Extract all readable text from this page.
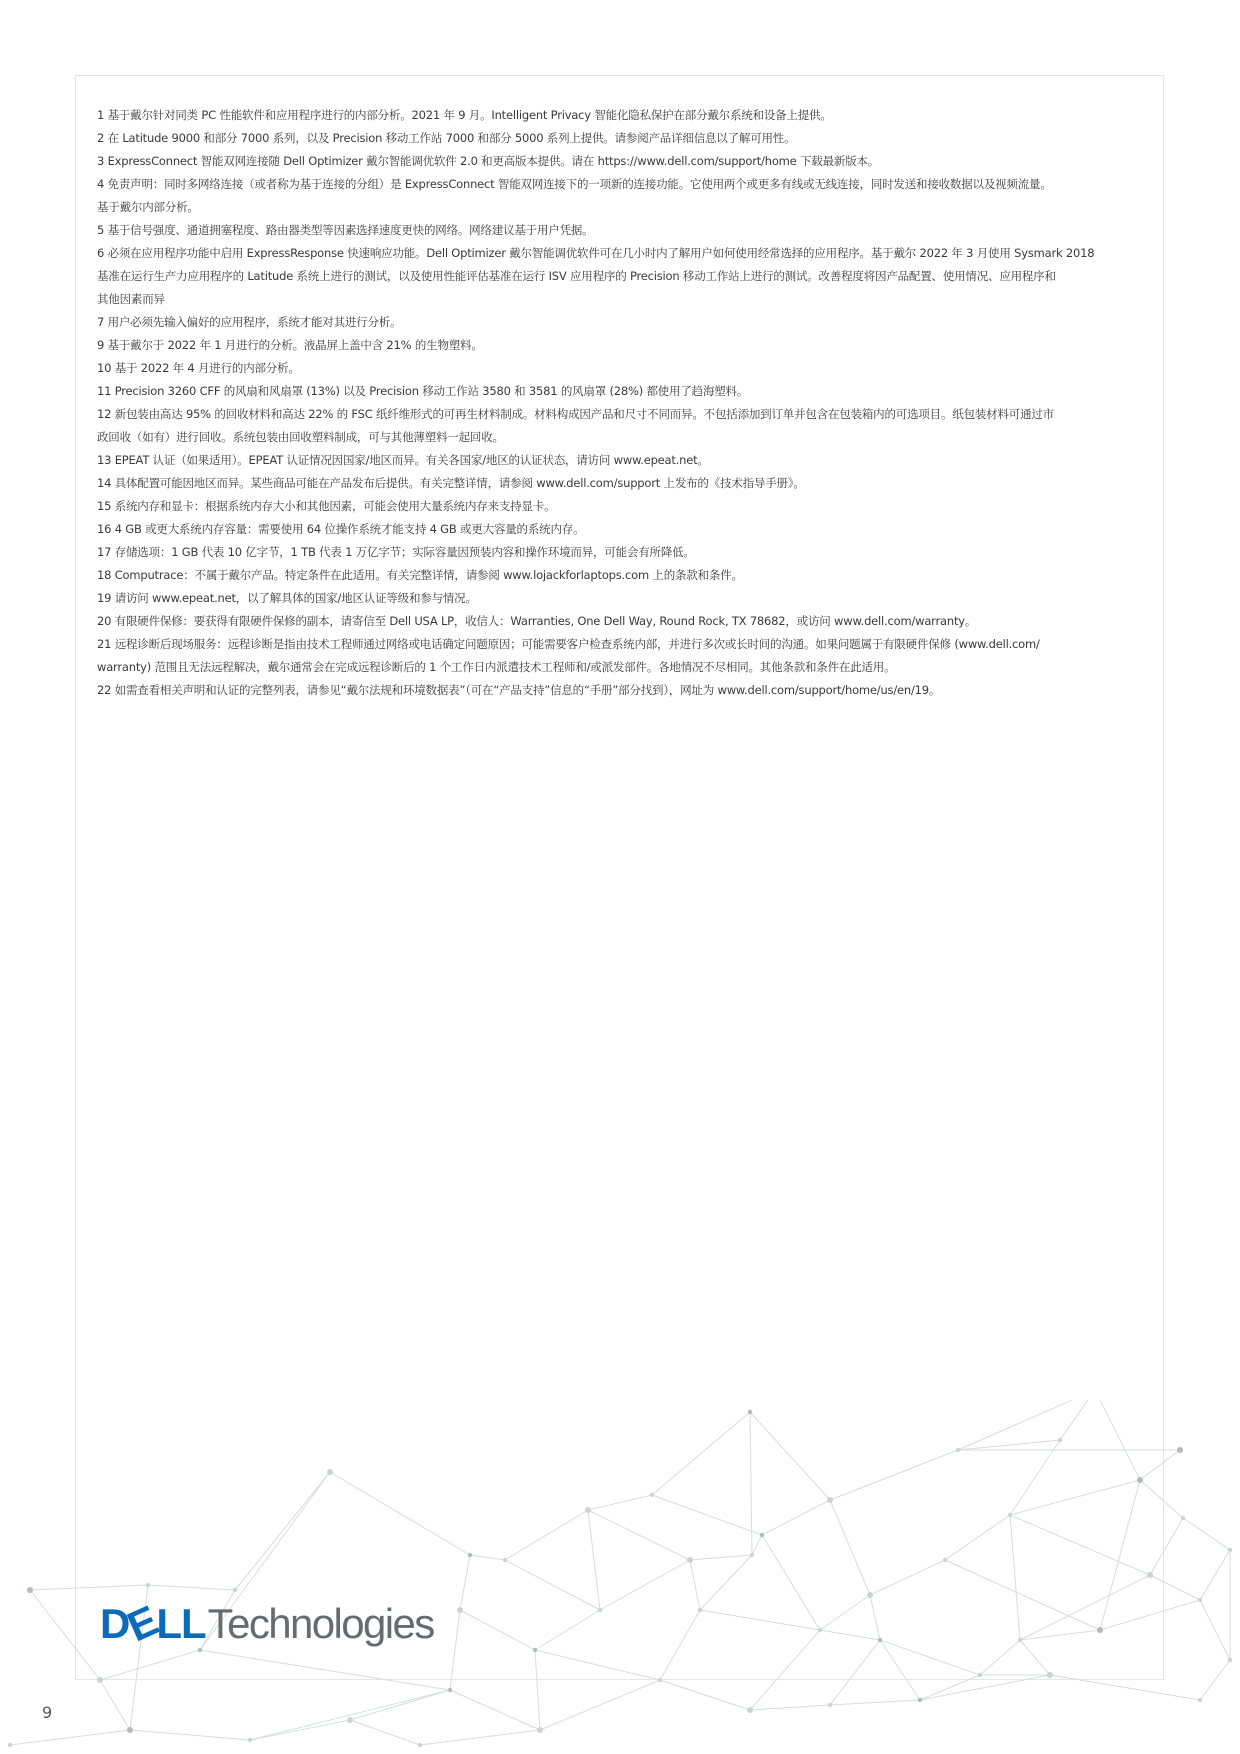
1 基于戴尔针对同类 PC 性能软件和应用程序进行的内部分析。2021 年 9 月。Intelligent Privacy 智能化隐私保护在部分戴尔系统和设备上提供。
2 在 Latitude 9000 和部分 7000 系列，以及 Precision 移动工作站 7000 和部分 5000 系列上提供。请参阅产品详细信息以了解可用性。
3 ExpressConnect 智能双网连接随 Dell Optimizer 戴尔智能调优软件 2.0 和更高版本提供。请在 https://www.dell.com/support/home 下载最新版本。
4 免责声明：同时多网络连接（或者称为基于连接的分组）是 ExpressConnect 智能双网连接下的一项新的连接功能。它使用两个或更多有线或无线连接，同时发送和接收数据以及视频流量。
基于戴尔内部分析。
5 基于信号强度、通道拥塞程度、路由器类型等因素选择速度更快的网络。网络建议基于用户凭据。
6 必须在应用程序功能中启用 ExpressResponse 快速响应功能。Dell Optimizer 戴尔智能调优软件可在几小时内了解用户如何使用经常选择的应用程序。基于戴尔 2022 年 3 月使用 Sysmark 2018
基准在运行生产力应用程序的 Latitude 系统上进行的测试，以及使用性能评估基准在运行 ISV 应用程序的 Precision 移动工作站上进行的测试。改善程度将因产品配置、使用情况、应用程序和
其他因素而异
7 用户必须先输入偏好的应用程序，系统才能对其进行分析。
9 基于戴尔于 2022 年 1 月进行的分析。液晶屏上盖中含 21% 的生物塑料。
10 基于 2022 年 4 月进行的内部分析。
11 Precision 3260 CFF 的风扇和风扇罩 (13%) 以及 Precision 移动工作站 3580 和 3581 的风扇罩 (28%) 都使用了趋海塑料。
12 新包装由高达 95% 的回收材料和高达 22% 的 FSC 纸纤维形式的可再生材料制成。材料构成因产品和尺寸不同而异。不包括添加到订单并包含在包装箱内的可选项目。纸包装材料可通过市
政回收（如有）进行回收。系统包装由回收塑料制成，可与其他薄塑料一起回收。
13 EPEAT 认证（如果适用）。EPEAT 认证情况因国家/地区而异。有关各国家/地区的认证状态，请访问 www.epeat.net。
14 具体配置可能因地区而异。某些商品可能在产品发布后提供。有关完整详情，请参阅 www.dell.com/support 上发布的《技术指导手册》。
15 系统内存和显卡：根据系统内存大小和其他因素，可能会使用大量系统内存来支持显卡。
16 4 GB 或更大系统内存容量：需要使用 64 位操作系统才能支持 4 GB 或更大容量的系统内存。
17 存储选项：1 GB 代表 10 亿字节，1 TB 代表 1 万亿字节；实际容量因预装内容和操作环境而异，可能会有所降低。
18 Computrace：不属于戴尔产品。特定条件在此适用。有关完整详情，请参阅 www.lojackforlaptops.com 上的条款和条件。
19 请访问 www.epeat.net，以了解具体的国家/地区认证等级和参与情况。
20 有限硬件保修：要获得有限硬件保修的副本，请寄信至 Dell USA LP，收信人：Warranties, One Dell Way, Round Rock, TX 78682，或访问 www.dell.com/warranty。
21 远程诊断后现场服务：远程诊断是指由技术工程师通过网络或电话确定问题原因；可能需要客户检查系统内部，并进行多次或长时间的沟通。如果问题属于有限硬件保修 (www.dell.com/
warranty) 范围且无法远程解决，戴尔通常会在完成远程诊断后的 1 个工作日内派遣技术工程师和/或派发部件。各地情况不尽相同。其他条款和条件在此适用。
22 如需查看相关声明和认证的完整列表，请参见“戴尔法规和环境数据表”（可在“产品支持”信息的“手册”部分找到），网址为 www.dell.com/support/home/us/en/19。
DELL Technologies
9
